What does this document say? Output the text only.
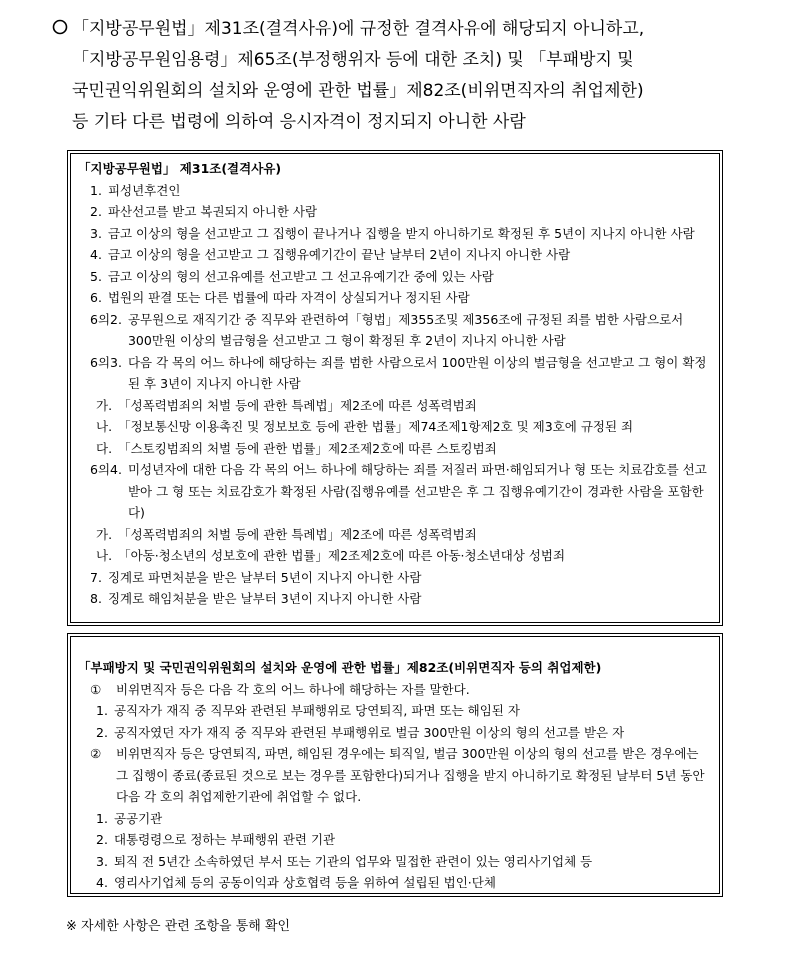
「지방공무원법」제31조(결격사유)에 규정한 결격사유에 해당되지 아니하고,
「지방공무원임용령」제65조(부정행위자 등에 대한 조치) 및 「부패방지 및
국민권익위원회의 설치와 운영에 관한 법률」제82조(비위면직자의 취업제한)
등 기타 다른 법령에 의하여 응시자격이 정지되지 아니한 사람
「지방공무원법」 제31조(결격사유)
1. 피성년후견인
2. 파산선고를 받고 복권되지 아니한 사람
3. 금고 이상의 형을 선고받고 그 집행이 끝나거나 집행을 받지 아니하기로 확정된 후 5년이 지나지 아니한 사람
4. 금고 이상의 형을 선고받고 그 집행유예기간이 끝난 날부터 2년이 지나지 아니한 사람
5. 금고 이상의 형의 선고유예를 선고받고 그 선고유예기간 중에 있는 사람
6. 법원의 판결 또는 다른 법률에 따라 자격이 상실되거나 정지된 사람
6의2. 공무원으로 재직기간 중 직무와 관련하여「형법」제355조및 제356조에 규정된 죄를 범한 사람으로서 300만원 이상의 벌금형을 선고받고 그 형이 확정된 후 2년이 지나지 아니한 사람
6의3. 다음 각 목의 어느 하나에 해당하는 죄를 범한 사람으로서 100만원 이상의 벌금형을 선고받고 그 형이 확정된 후 3년이 지나지 아니한 사람
가. 「성폭력범죄의 처벌 등에 관한 특례법」제2조에 따른 성폭력범죄
나. 「정보통신망 이용촉진 및 정보보호 등에 관한 법률」제74조제1항제2호 및 제3호에 규정된 죄
다. 「스토킹범죄의 처벌 등에 관한 법률」제2조제2호에 따른 스토킹범죄
6의4. 미성년자에 대한 다음 각 목의 어느 하나에 해당하는 죄를 저질러 파면·해임되거나 형 또는 치료감호를 선고받아 그 형 또는 치료감호가 확정된 사람(집행유예를 선고받은 후 그 집행유예기간이 경과한 사람을 포함한다)
가. 「성폭력범죄의 처벌 등에 관한 특례법」제2조에 따른 성폭력범죄
나. 「아동·청소년의 성보호에 관한 법률」제2조제2호에 따른 아동·청소년대상 성범죄
7. 징계로 파면처분을 받은 날부터 5년이 지나지 아니한 사람
8. 징계로 해임처분을 받은 날부터 3년이 지나지 아니한 사람
「부패방지 및 국민권익위원회의 설치와 운영에 관한 법률」제82조(비위면직자 등의 취업제한)
①	비위면직자 등은 다음 각 호의 어느 하나에 해당하는 자를 말한다.
1. 공직자가 재직 중 직무와 관련된 부패행위로 당연퇴직, 파면 또는 해임된 자
2. 공직자였던 자가 재직 중 직무와 관련된 부패행위로 벌금 300만원 이상의 형의 선고를 받은 자
②	비위면직자 등은 당연퇴직, 파면, 해임된 경우에는 퇴직일, 벌금 300만원 이상의 형의 선고를 받은 경우에는 그 집행이 종료(종료된 것으로 보는 경우를 포함한다)되거나 집행을 받지 아니하기로 확정된 날부터 5년 동안 다음 각 호의 취업제한기관에 취업할 수 없다.
1. 공공기관
2. 대통령령으로 정하는 부패행위 관련 기관
3. 퇴직 전 5년간 소속하였던 부서 또는 기관의 업무와 밀접한 관련이 있는 영리사기업체 등
4. 영리사기업체 등의 공동이익과 상호협력 등을 위하여 설립된 법인·단체
※ 자세한 사항은 관련 조항을 통해 확인
